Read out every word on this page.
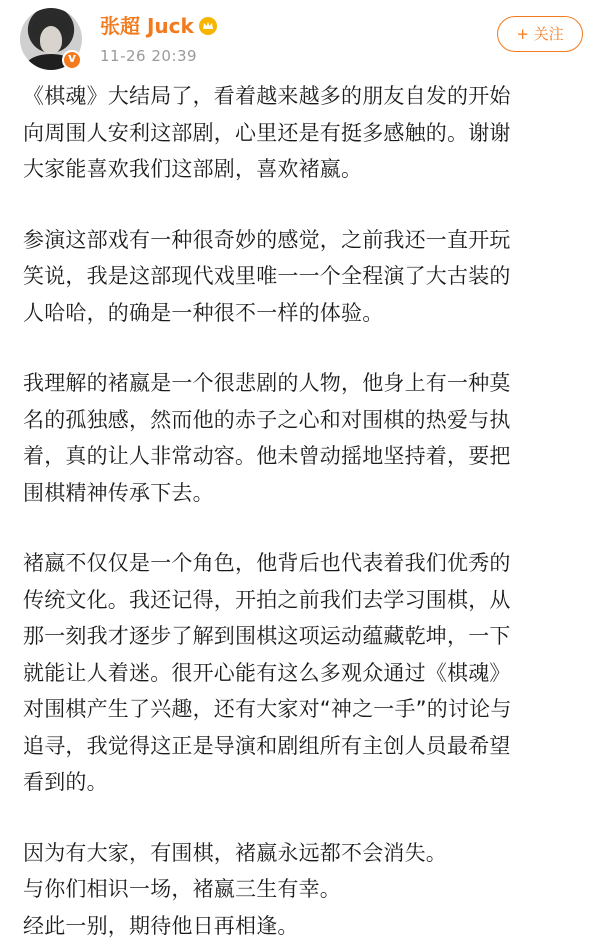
v
张超 Juck
11-26 20:39
+ 关注

《棋魂》大结局了，看着越来越多的朋友自发的开始
向周围人安利这部剧，心里还是有挺多感触的。谢谢
大家能喜欢我们这部剧，喜欢褚嬴。

参演这部戏有一种很奇妙的感觉，之前我还一直开玩
笑说，我是这部现代戏里唯一一个全程演了大古装的
人哈哈，的确是一种很不一样的体验。

我理解的褚嬴是一个很悲剧的人物，他身上有一种莫
名的孤独感，然而他的赤子之心和对围棋的热爱与执
着，真的让人非常动容。他未曾动摇地坚持着，要把
围棋精神传承下去。

褚嬴不仅仅是一个角色，他背后也代表着我们优秀的
传统文化。我还记得，开拍之前我们去学习围棋，从
那一刻我才逐步了解到围棋这项运动蕴藏乾坤，一下
就能让人着迷。很开心能有这么多观众通过《棋魂》
对围棋产生了兴趣，还有大家对“神之一手”的讨论与
追寻，我觉得这正是导演和剧组所有主创人员最希望
看到的。

因为有大家，有围棋，褚嬴永远都不会消失。
与你们相识一场，褚嬴三生有幸。
经此一别，期待他日再相逢。
